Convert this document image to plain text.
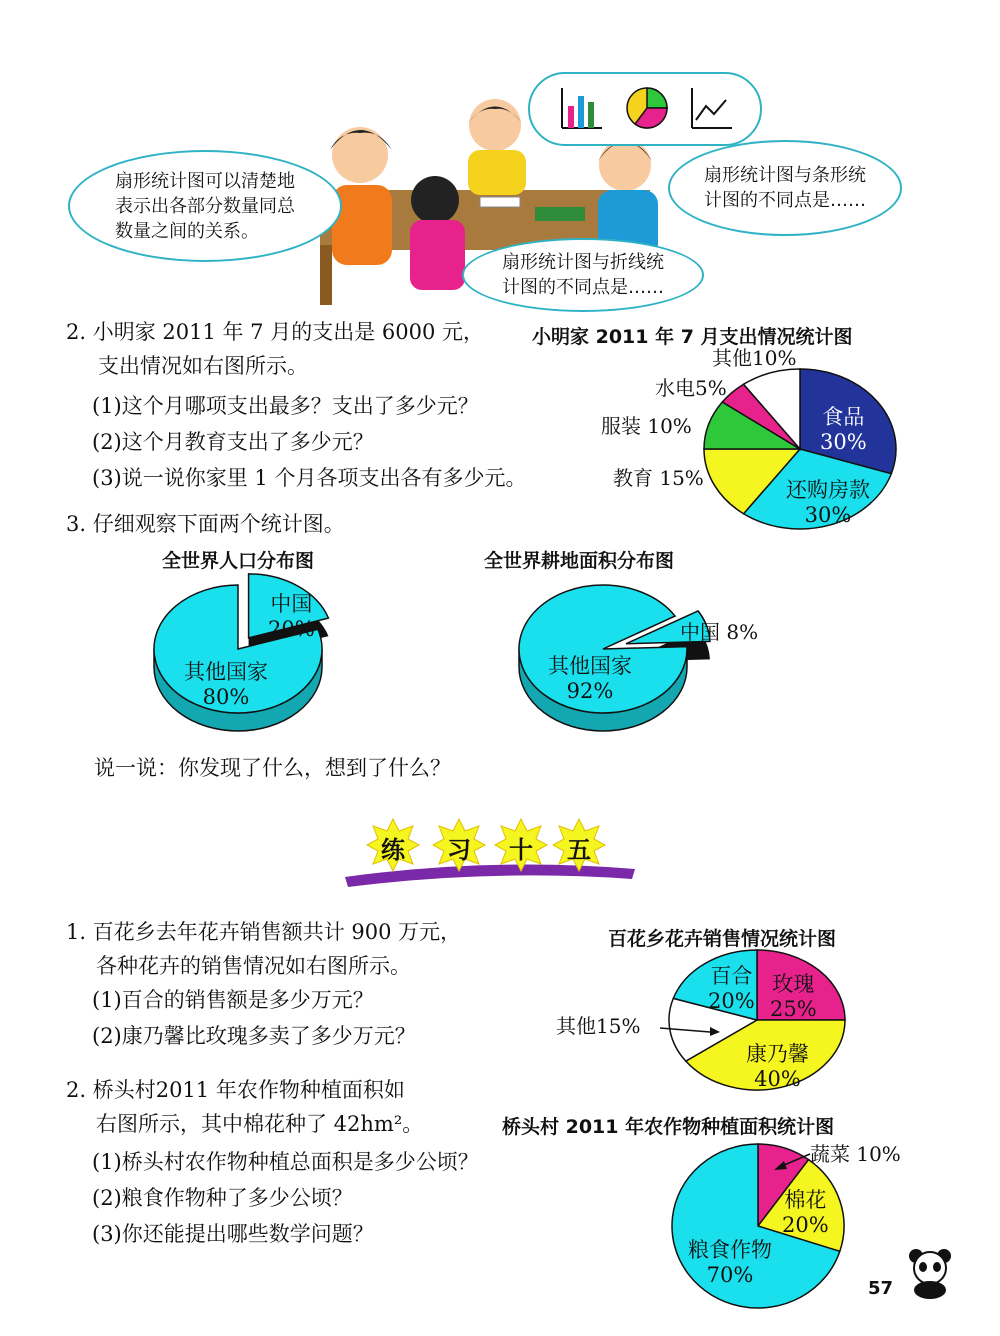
扇形统计图可以清楚地
表示出各部分数量同总
数量之间的关系。
扇形统计图与条形统
计图的不同点是……
扇形统计图与折线统
计图的不同点是……
2. 小明家 2011 年 7 月的支出是 6000 元，
支出情况如右图所示。
(1)这个月哪项支出最多？支出了多少元？
(2)这个月教育支出了多少元？
(3)说一说你家里 1 个月各项支出各有多少元。
小明家 2011 年 7 月支出情况统计图
其他10%
水电5%
服装 10%
教育 15%
食品
30%
还购房款
30%
3. 仔细观察下面两个统计图。
全世界人口分布图	全世界耕地面积分布图
中国
20%
其他国家
80%
中国 8%
其他国家
92%
说一说：你发现了什么，想到了什么？
练	习	十	五
1. 百花乡去年花卉销售额共计 900 万元，
各种花卉的销售情况如右图所示。
(1)百合的销售额是多少万元？
(2)康乃馨比玫瑰多卖了多少万元？
百花乡花卉销售情况统计图
百合
20%
玫瑰
25%
康乃馨
40%
其他15%
2. 桥头村2011 年农作物种植面积如
右图所示，其中棉花种了 42hm²。
(1)桥头村农作物种植总面积是多少公顷？
(2)粮食作物种了多少公顷？
(3)你还能提出哪些数学问题？
桥头村 2011 年农作物种植面积统计图
蔬菜 10%
棉花
20%
粮食作物
70%
57
